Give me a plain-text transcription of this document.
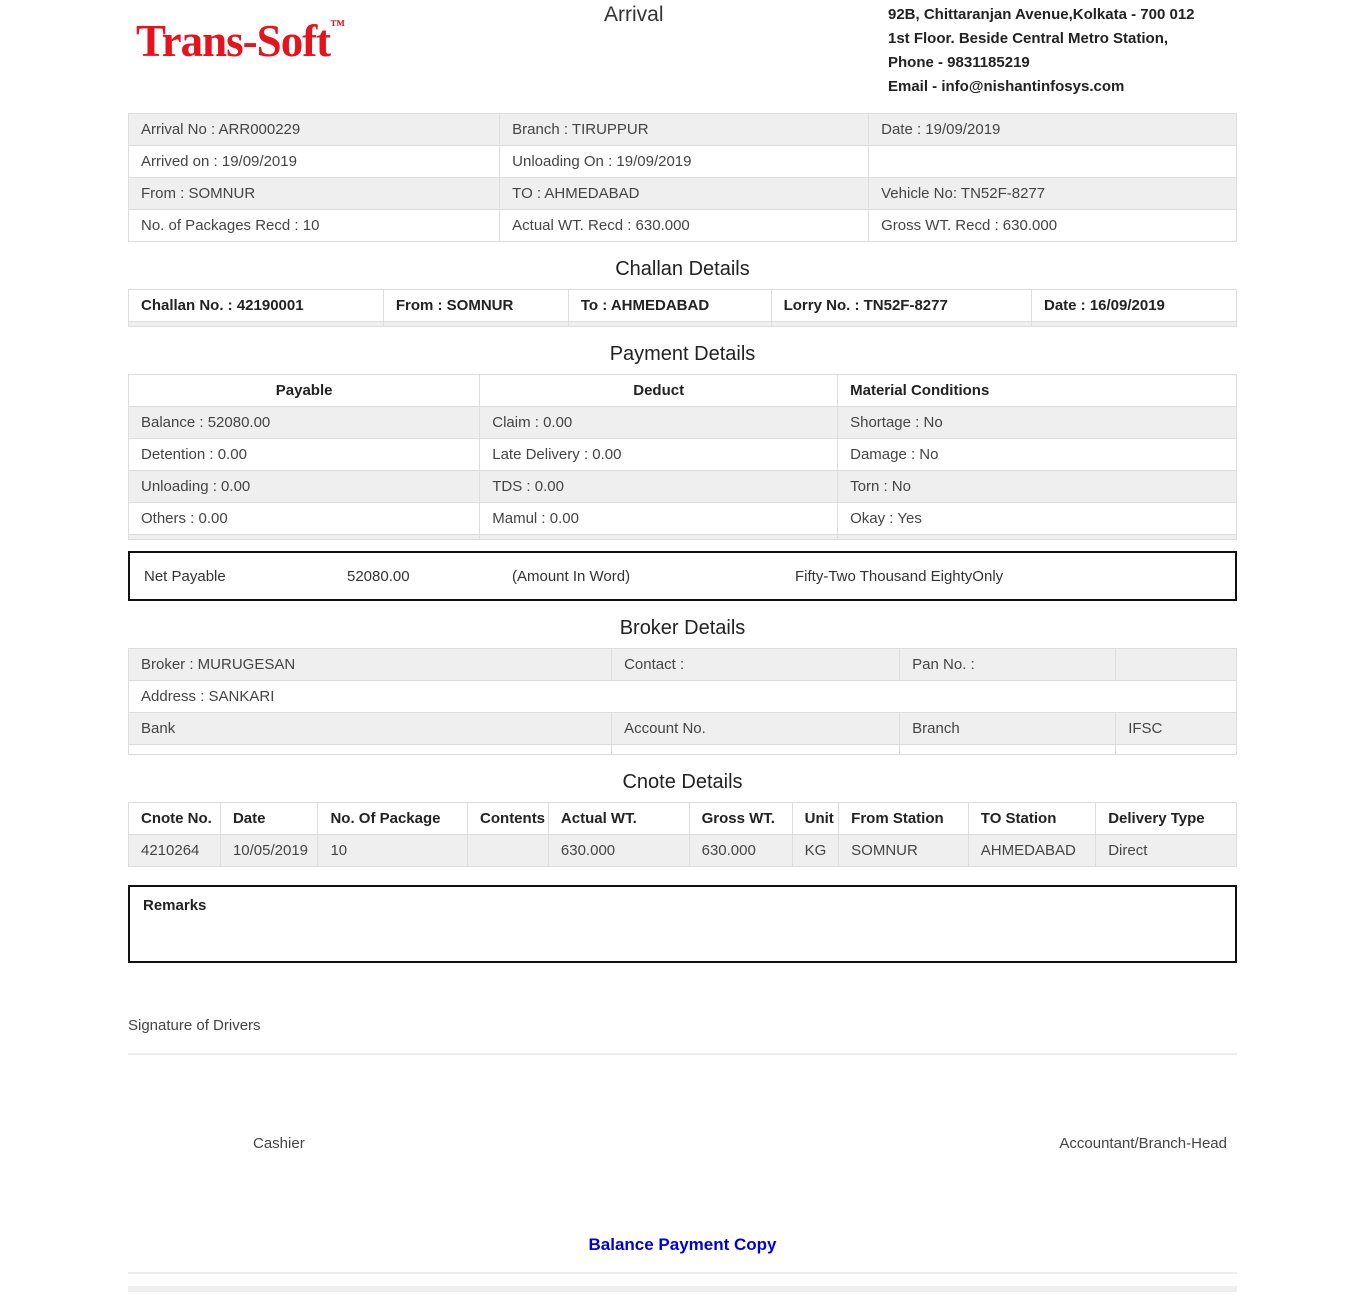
Trans-Soft™	Arrival	92B, Chittaranjan Avenue,Kolkata - 700 012
1st Floor. Beside Central Metro Station,
Phone - 9831185219
Email - info@nishantinfosys.com
Arrival No : ARR000229	Branch : TIRUPPUR	Date : 19/09/2019
Arrived on : 19/09/2019	Unloading On : 19/09/2019	
From : SOMNUR	TO : AHMEDABAD	Vehicle No: TN52F-8277
No. of Packages Recd : 10	Actual WT. Recd : 630.000	Gross WT. Recd : 630.000
Challan Details
Challan No. : 42190001	From : SOMNUR	To : AHMEDABAD	Lorry No. : TN52F-8277	Date : 16/09/2019

Payment Details
Payable	Deduct	Material Conditions
Balance : 52080.00	Claim : 0.00	Shortage : No
Detention : 0.00	Late Delivery : 0.00	Damage : No
Unloading : 0.00	TDS : 0.00	Torn : No
Others : 0.00	Mamul : 0.00	Okay : Yes

Net Payable	52080.00	(Amount In Word)	Fifty-Two Thousand EightyOnly
Broker Details
Broker : MURUGESAN	Contact :	Pan No. :	
Address : SANKARI			
Bank	Account No.	Branch	IFSC

Cnote Details
Cnote No.	Date	No. Of Package	Contents	Actual WT.	Gross WT.	Unit	From Station	TO Station	Delivery Type
4210264	10/05/2019	10		630.000	630.000	KG	SOMNUR	AHMEDABAD	Direct
Remarks
Signature of Drivers
Cashier	Accountant/Branch-Head
Balance Payment Copy
